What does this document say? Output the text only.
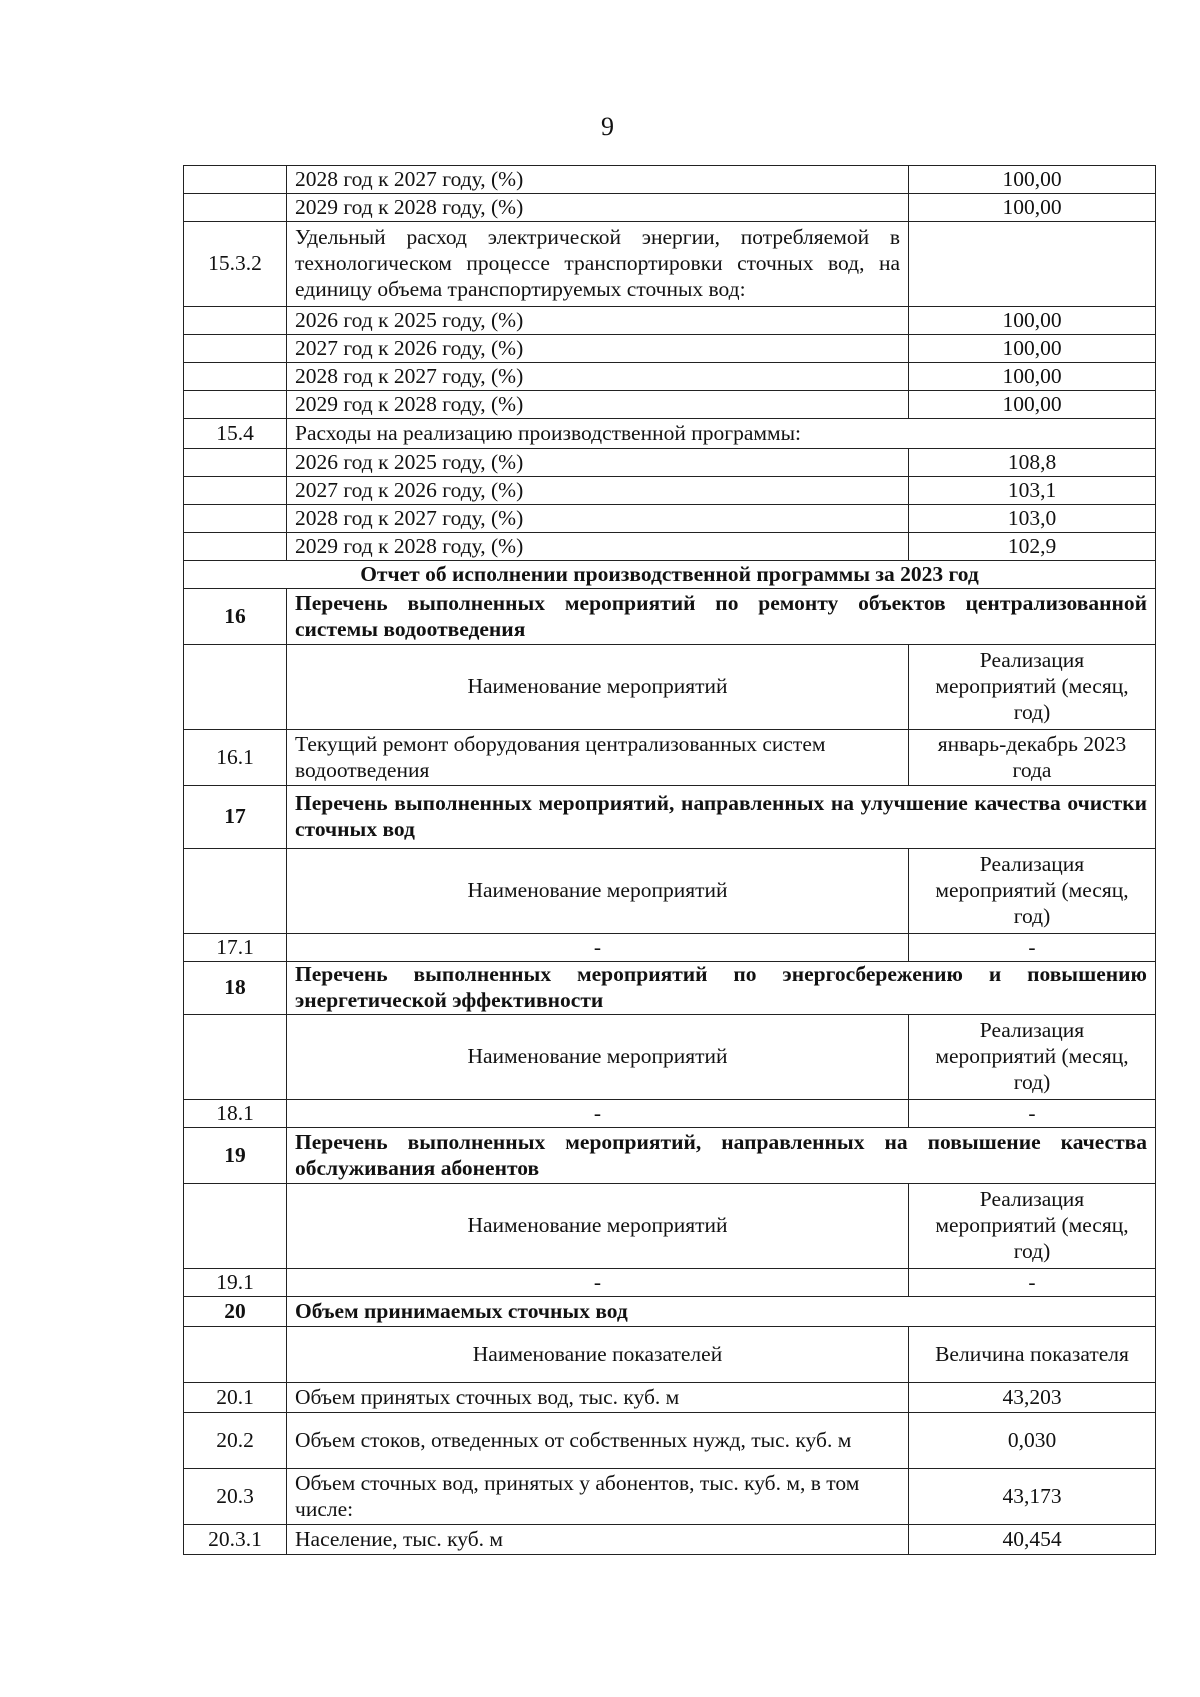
9
	2028 год к 2027 году, (%)	100,00
	2029 год к 2028 году, (%)	100,00
15.3.2	Удельный расход электрической энергии, потребляемой в технологическом процессе транспортировки сточных вод, на единицу объема транспортируемых сточных вод:	
	2026 год к 2025 году, (%)	100,00
	2027 год к 2026 году, (%)	100,00
	2028 год к 2027 году, (%)	100,00
	2029 год к 2028 году, (%)	100,00
15.4	Расходы на реализацию производственной программы:	
	2026 год к 2025 году, (%)	108,8
	2027 год к 2026 году, (%)	103,1
	2028 год к 2027 году, (%)	103,0
	2029 год к 2028 году, (%)	102,9
Отчет об исполнении производственной программы за 2023 год		
16	Перечень выполненных мероприятий по ремонту объектов централизованной системы водоотведения	
	Наименование мероприятий	Реализация мероприятий (месяц, год)
16.1	Текущий ремонт оборудования централизованных систем водоотведения	январь-декабрь 2023 года
17	Перечень выполненных мероприятий, направленных на улучшение качества очистки сточных вод	
	Наименование мероприятий	Реализация мероприятий (месяц, год)
17.1	-	-
18	Перечень выполненных мероприятий по энергосбережению и повышению энергетической эффективности	
	Наименование мероприятий	Реализация мероприятий (месяц, год)
18.1	-	-
19	Перечень выполненных мероприятий, направленных на повышение качества обслуживания абонентов	
	Наименование мероприятий	Реализация мероприятий (месяц, год)
19.1	-	-
20	Объем принимаемых сточных вод	
	Наименование показателей	Величина показателя
20.1	Объем принятых сточных вод, тыс. куб. м	43,203
20.2	Объем стоков, отведенных от собственных нужд, тыс. куб. м	0,030
20.3	Объем сточных вод, принятых у абонентов, тыс. куб. м, в том числе:	43,173
20.3.1	Население, тыс. куб. м	40,454
